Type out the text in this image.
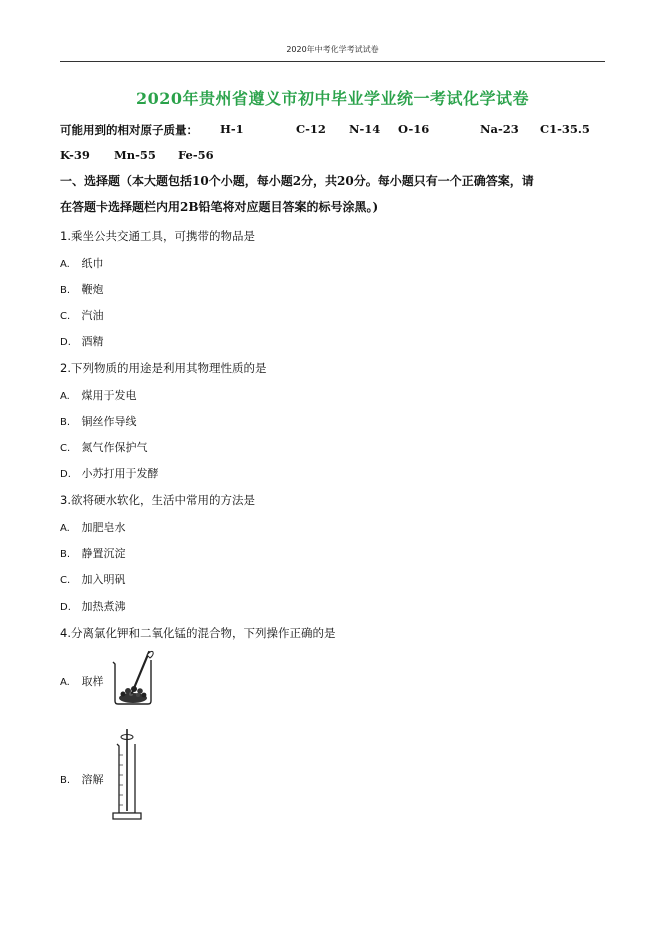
2020年中考化学考试试卷
2020年贵州省遵义市初中毕业学业统一考试化学试卷
可能用到的相对原子质量： H-1	C-12 N-14 O-16	Na-23 C1-35.5
K-39 Mn-55 Fe-56
一、选择题（本大题包括10个小题，每小题2分，共20分。每小题只有一个正确答案，请
在答题卡选择题栏内用2B铅笔将对应题目答案的标号涂黑。)
1.乘坐公共交通工具，可携带的物品是
A. 纸巾
B. 鞭炮
C. 汽油
D. 酒精
2.下列物质的用途是利用其物理性质的是
A. 煤用于发电
B. 铜丝作导线
C. 氮气作保护气
D. 小苏打用于发酵
3.欲将硬水软化，生活中常用的方法是
A. 加肥皂水
B. 静置沉淀
C. 加入明矾
D. 加热煮沸
4.分离氯化钾和二氧化锰的混合物，下列操作正确的是
A. 取样
B. 溶解
